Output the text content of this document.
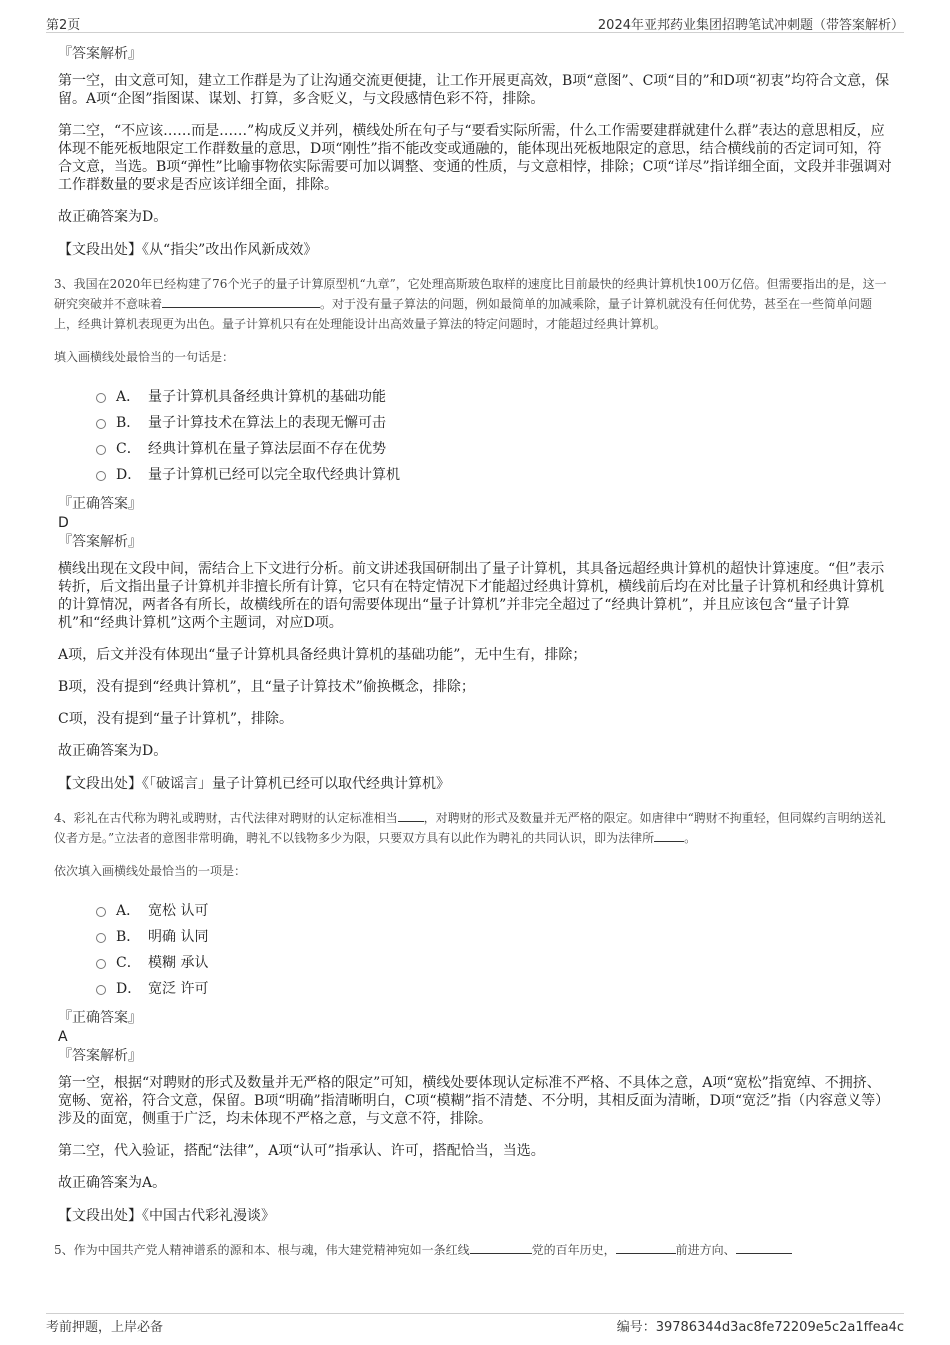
第2页	2024年亚邦药业集团招聘笔试冲刺题（带答案解析）
『答案解析』

第一空，由文意可知，建立工作群是为了让沟通交流更便捷，让工作开展更高效，B项“意图”、C项“目的”和D项“初衷”均符合文意，保留。A项“企图”指图谋、谋划、打算，多含贬义，与文段感情色彩不符，排除。

第二空，“不应该……而是……”构成反义并列，横线处所在句子与“要看实际所需，什么工作需要建群就建什么群”表达的意思相反，应体现不能死板地限定工作群数量的意思，D项“刚性”指不能改变或通融的，能体现出死板地限定的意思，结合横线前的否定词可知，符合文意，当选。B项“弹性”比喻事物依实际需要可加以调整、变通的性质，与文意相悖，排除；C项“详尽”指详细全面，文段并非强调对工作群数量的要求是否应该详细全面，排除。

故正确答案为D。

【文段出处】《从“指尖”改出作风新成效》
3、我国在2020年已经构建了76个光子的量子计算原型机“九章”，它处理高斯玻色取样的速度比目前最快的经典计算机快100万亿倍。但需要指出的是，这一研究突破并不意味着	。对于没有量子算法的问题，例如最简单的加减乘除，量子计算机就没有任何优势，甚至在一些简单问题上，经典计算机表现更为出色。量子计算机只有在处理能设计出高效量子算法的特定问题时，才能超过经典计算机。
填入画横线处最恰当的一句话是：
A． 量子计算机具备经典计算机的基础功能
B． 量子计算技术在算法上的表现无懈可击
C． 经典计算机在量子算法层面不存在优势
D． 量子计算机已经可以完全取代经典计算机
『正确答案』
D
『答案解析』

横线出现在文段中间，需结合上下文进行分析。前文讲述我国研制出了量子计算机，其具备远超经典计算机的超快计算速度。“但”表示转折，后文指出量子计算机并非擅长所有计算，它只有在特定情况下才能超过经典计算机，横线前后均在对比量子计算机和经典计算机的计算情况，两者各有所长，故横线所在的语句需要体现出“量子计算机”并非完全超过了“经典计算机”，并且应该包含“量子计算机”和“经典计算机”这两个主题词，对应D项。

A项，后文并没有体现出“量子计算机具备经典计算机的基础功能”，无中生有，排除；

B项，没有提到“经典计算机”，且“量子计算技术”偷换概念，排除；

C项，没有提到“量子计算机”，排除。

故正确答案为D。

【文段出处】《「破谣言」量子计算机已经可以取代经典计算机》
4、彩礼在古代称为聘礼或聘财，古代法律对聘财的认定标准相当 ，对聘财的形式及数量并无严格的限定。如唐律中“聘财不拘重轻，但同媒约言明纳送礼仪者方是。”立法者的意图非常明确，聘礼不以钱物多少为限，只要双方具有以此作为聘礼的共同认识，即为法律所	。
依次填入画横线处最恰当的一项是：
A． 宽松 认可
B． 明确 认同
C． 模糊 承认
D． 宽泛 许可
『正确答案』
A
『答案解析』

第一空，根据“对聘财的形式及数量并无严格的限定”可知，横线处要体现认定标准不严格、不具体之意，A项“宽松”指宽绰、不拥挤、宽畅、宽裕，符合文意，保留。B项“明确”指清晰明白，C项“模糊”指不清楚、不分明，其相反面为清晰，D项“宽泛”指（内容意义等）涉及的面宽，侧重于广泛，均未体现不严格之意，与文意不符，排除。

第二空，代入验证，搭配“法律”，A项“认可”指承认、许可，搭配恰当，当选。

故正确答案为A。

【文段出处】《中国古代彩礼漫谈》
5、作为中国共产党人精神谱系的源和本、根与魂，伟大建党精神宛如一条红线	党的百年历史，	前进方向、
考前押题，上岸必备	编号：39786344d3ac8fe72209e5c2a1ffea4c
